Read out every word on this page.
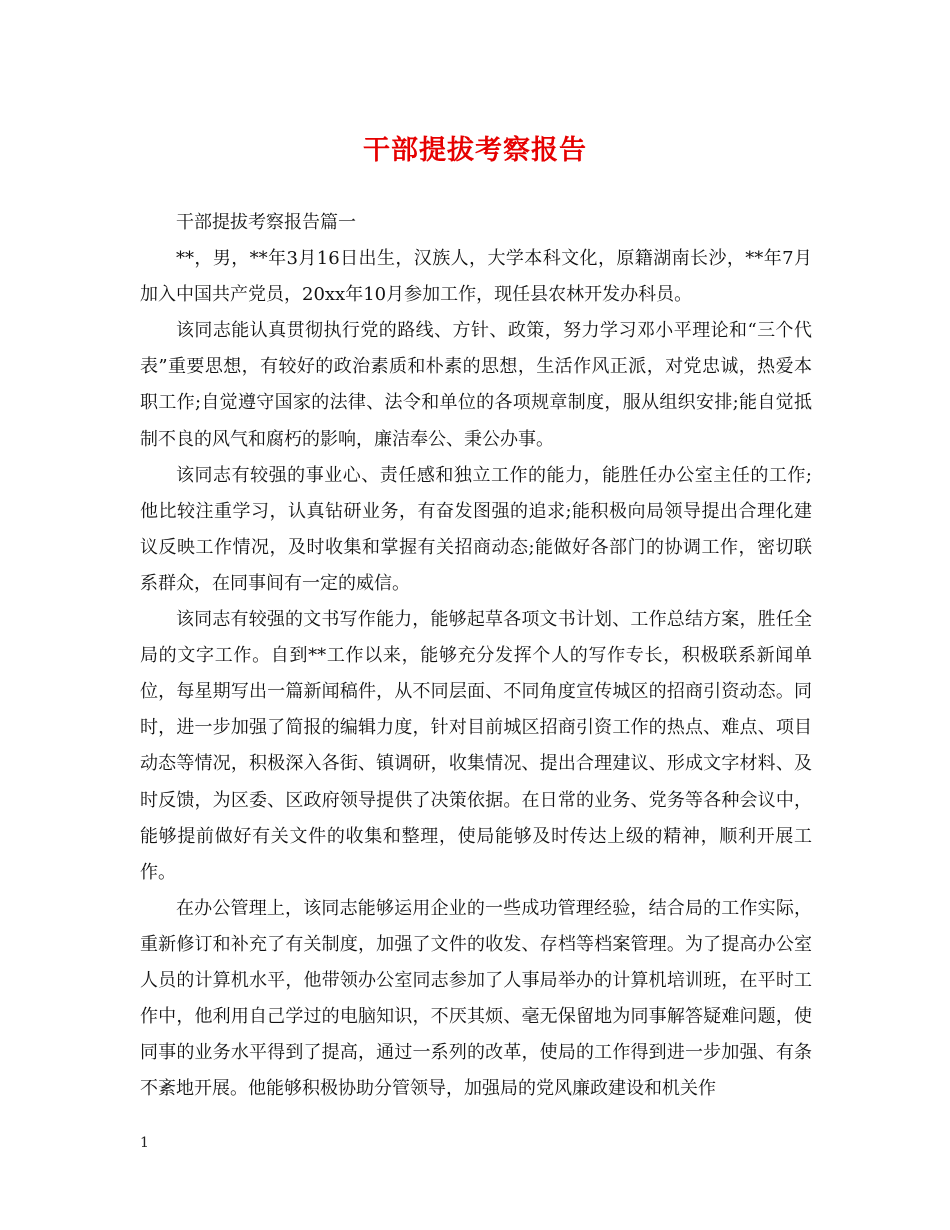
干部提拔考察报告

干部提拔考察报告篇一

**，男，**年3月16日出生，汉族人，大学本科文化，原籍湖南长沙，**年7月加入中国共产党员，20xx年10月参加工作，现任县农林开发办科员。

该同志能认真贯彻执行党的路线、方针、政策，努力学习邓小平理论和“三个代表”重要思想，有较好的政治素质和朴素的思想，生活作风正派，对党忠诚，热爱本职工作;自觉遵守国家的法律、法令和单位的各项规章制度，服从组织安排;能自觉抵制不良的风气和腐朽的影响，廉洁奉公、秉公办事。

该同志有较强的事业心、责任感和独立工作的能力，能胜任办公室主任的工作;他比较注重学习，认真钻研业务，有奋发图强的追求;能积极向局领导提出合理化建议反映工作情况，及时收集和掌握有关招商动态;能做好各部门的协调工作，密切联系群众，在同事间有一定的威信。

该同志有较强的文书写作能力，能够起草各项文书计划、工作总结方案，胜任全局的文字工作。自到**工作以来，能够充分发挥个人的写作专长，积极联系新闻单位，每星期写出一篇新闻稿件，从不同层面、不同角度宣传城区的招商引资动态。同时，进一步加强了简报的编辑力度，针对目前城区招商引资工作的热点、难点、项目动态等情况，积极深入各街、镇调研，收集情况、提出合理建议、形成文字材料、及时反馈，为区委、区政府领导提供了决策依据。在日常的业务、党务等各种会议中，能够提前做好有关文件的收集和整理，使局能够及时传达上级的精神，顺利开展工作。

在办公管理上，该同志能够运用企业的一些成功管理经验，结合局的工作实际，重新修订和补充了有关制度，加强了文件的收发、存档等档案管理。为了提高办公室人员的计算机水平，他带领办公室同志参加了人事局举办的计算机培训班，在平时工作中，他利用自己学过的电脑知识，不厌其烦、毫无保留地为同事解答疑难问题，使同事的业务水平得到了提高，通过一系列的改革，使局的工作得到进一步加强、有条不紊地开展。他能够积极协助分管领导，加强局的党风廉政建设和机关作

1
